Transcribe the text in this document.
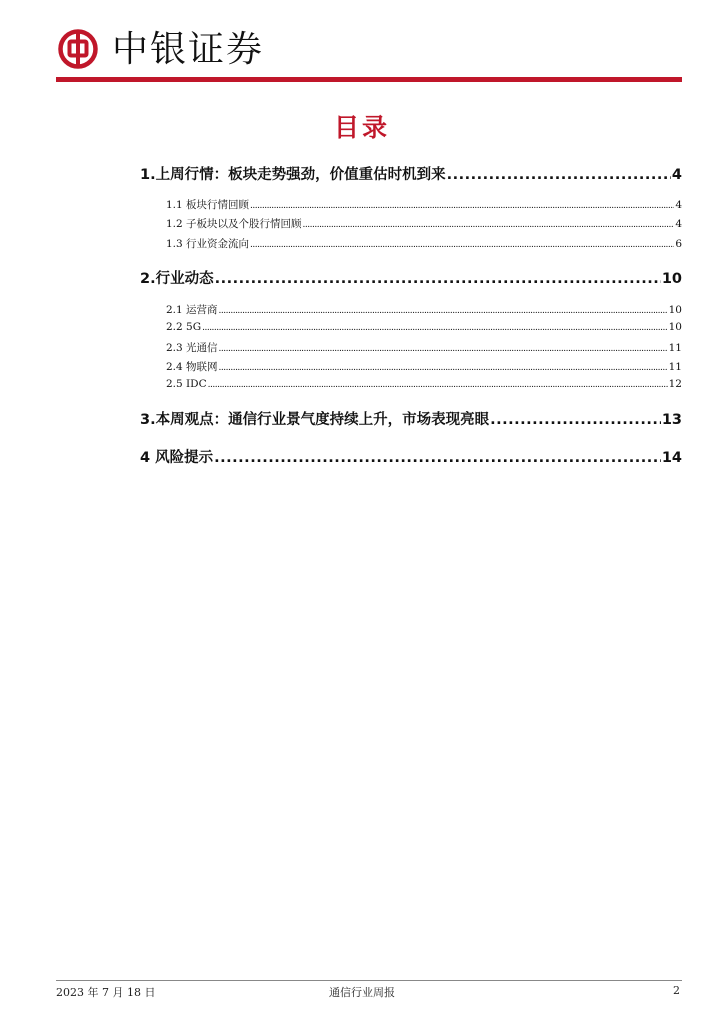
中银证券
目录
1.上周行情：板块走势强劲，价值重估时机到来 .....	4
1.1 板块行情回顾 .....	4
1.2 子板块以及个股行情回顾 .....	4
1.3 行业资金流向 .....	6
2.行业动态 .....	10
2.1 运营商 .....	10
2.2 5G .....	10
2.3 光通信 .....	11
2.4 物联网 .....	11
2.5 IDC .....	12
3.本周观点：通信行业景气度持续上升，市场表现亮眼 .....	13
4 风险提示 .....	14
2023 年 7 月 18 日	通信行业周报	2
